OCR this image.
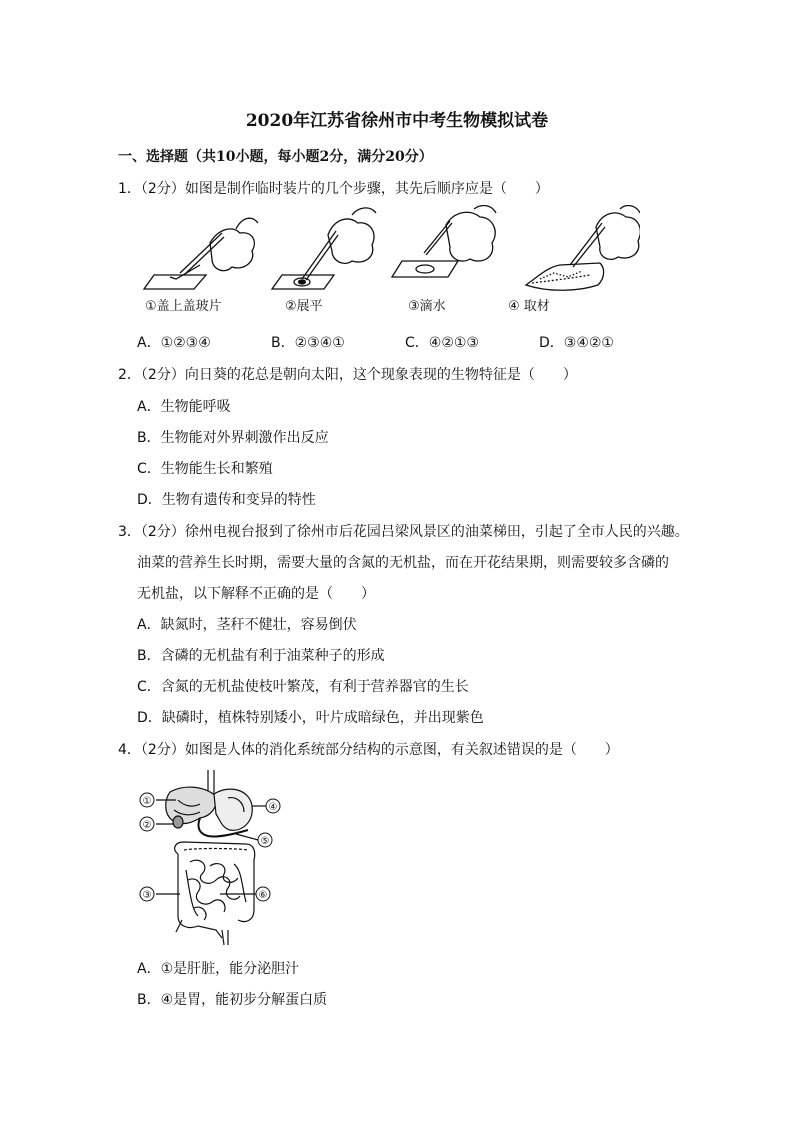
2020年江苏省徐州市中考生物模拟试卷
一、选择题（共10小题，每小题2分，满分20分）
1．（2分）如图是制作临时装片的几个步骤，其先后顺序应是（　　）
①盖上盖玻片	②展平	③滴水	④ 取材
A．①②③④	B．②③④①	C．④②①③	D．③④②①
2．（2分）向日葵的花总是朝向太阳，这个现象表现的生物特征是（　　）
A．生物能呼吸
B．生物能对外界刺激作出反应
C．生物能生长和繁殖
D．生物有遗传和变异的特性
3．（2分）徐州电视台报到了徐州市后花园吕梁风景区的油菜梯田，引起了全市人民的兴趣。
油菜的营养生长时期，需要大量的含氮的无机盐，而在开花结果期，则需要较多含磷的
无机盐，以下解释不正确的是（　　）
A．缺氮时，茎秆不健壮，容易倒伏
B．含磷的无机盐有利于油菜种子的形成
C．含氮的无机盐使枝叶繁茂，有利于营养器官的生长
D．缺磷时，植株特别矮小，叶片成暗绿色，并出现紫色
4．（2分）如图是人体的消化系统部分结构的示意图，有关叙述错误的是（　　）
①
②
③
④
⑤
⑥
A．①是肝脏，能分泌胆汁
B．④是胃，能初步分解蛋白质
